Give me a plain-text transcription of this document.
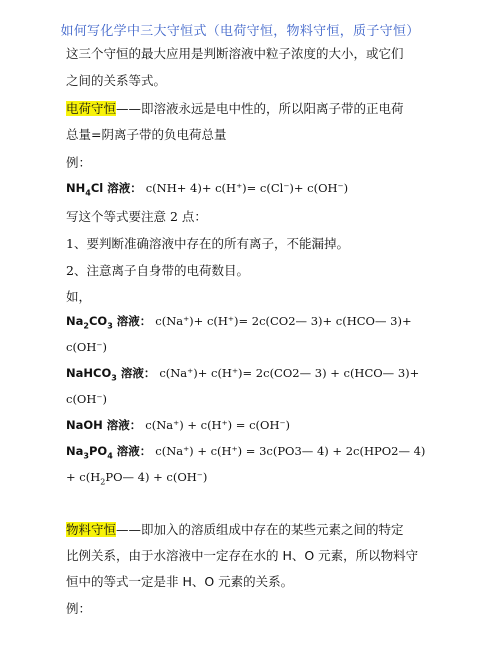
如何写化学中三大守恒式（电荷守恒，物料守恒，质子守恒）
这三个守恒的最大应用是判断溶液中粒子浓度的大小，或它们
之间的关系等式。
电荷守恒——即溶液永远是电中性的，所以阳离子带的正电荷
总量=阴离子带的负电荷总量
例：
$NH_4Cl$ 溶液： c(NH+ 4)+ c(H⁺)= c(Cl⁻)+ c(OH⁻)
写这个等式要注意 2 点：
1、要判断准确溶液中存在的所有离子，不能漏掉。
2、注意离子自身带的电荷数目。
如，
$Na_2CO_3$ 溶液： c(Na⁺)+ c(H⁺)= 2c(CO2— 3)+ c(HCO— 3)+
c(OH⁻)
NaHCO$_3$ 溶液： c(Na⁺)+ c(H⁺)= 2c(CO2— 3) + c(HCO— 3)+
c(OH⁻)
NaOH 溶液： c(Na⁺) + c(H⁺) = c(OH⁻)
$Na_3PO_4$ 溶液： c(Na⁺) + c(H⁺) = 3c(PO3— 4) + 2c(HPO2— 4)
+ $c(H_2PO—$ 4) + c(OH⁻)
物料守恒——即加入的溶质组成中存在的某些元素之间的特定
比例关系，由于水溶液中一定存在水的 H、O 元素，所以物料守
恒中的等式一定是非 H、O 元素的关系。
例：
